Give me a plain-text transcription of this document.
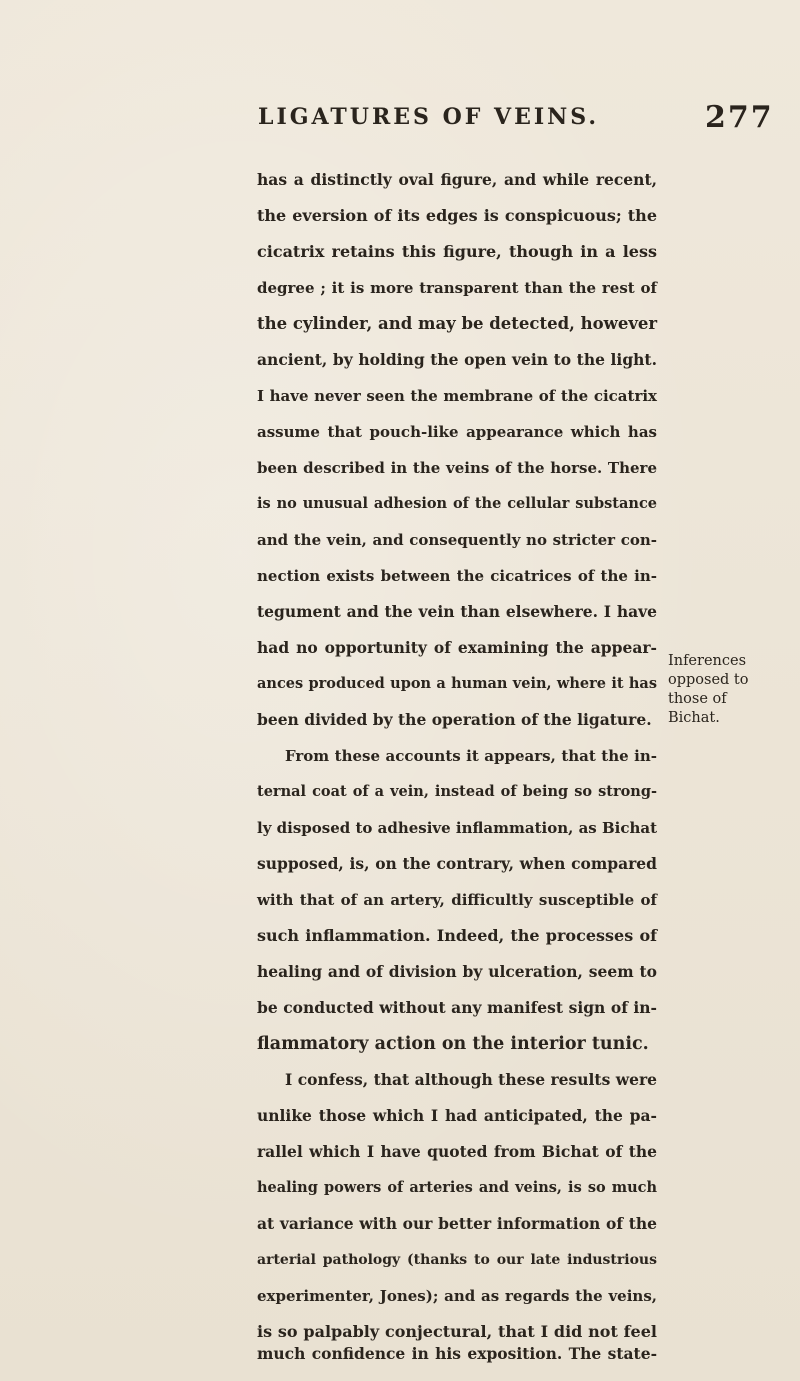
LIGATURES OF VEINS.	277
has a distinctly oval figure, and while recent,
the eversion of its edges is conspicuous; the
cicatrix retains this figure, though in a less
degree ; it is more transparent than the rest of
the cylinder, and may be detected, however
ancient, by holding the open vein to the light.
I have never seen the membrane of the cicatrix
assume that pouch-like appearance which has
been described in the veins of the horse. There
is no unusual adhesion of the cellular substance
and the vein, and consequently no stricter con-
nection exists between the cicatrices of the in-
tegument and the vein than elsewhere. I have
had no opportunity of examining the appear-
ances produced upon a human vein, where it has
been divided by the operation of the ligature.
From these accounts it appears, that the in-
ternal coat of a vein, instead of being so strong-
ly disposed to adhesive inflammation, as Bichat
supposed, is, on the contrary, when compared
with that of an artery, difficultly susceptible of
such inflammation. Indeed, the processes of
healing and of division by ulceration, seem to
be conducted without any manifest sign of in-
flammatory action on the interior tunic.
I confess, that although these results were
unlike those which I had anticipated, the pa-
rallel which I have quoted from Bichat of the
healing powers of arteries and veins, is so much
at variance with our better information of the
arterial pathology (thanks to our late industrious
experimenter, Jones); and as regards the veins,
is so palpably conjectural, that I did not feel
much confidence in his exposition. The state-
Inferences
opposed to
those of
Bichat.
